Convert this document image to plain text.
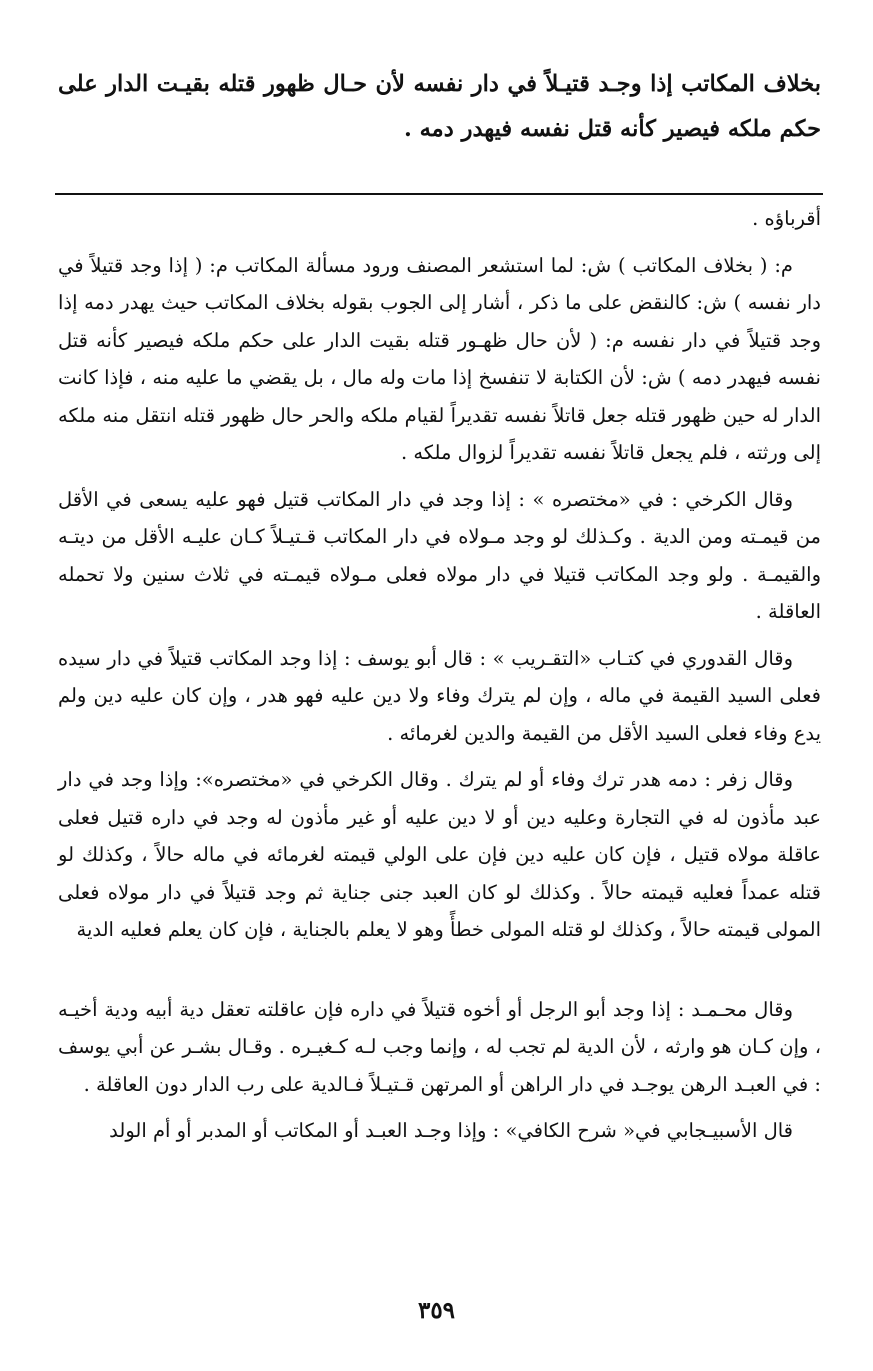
بخلاف المكاتب إذا وجـد قتيـلاً في دار نفسه لأن حـال ظهور قتله بقيـت الدار على حكم ملكه فيصير كأنه قتل نفسه فيهدر دمه .

أقرباؤه .

م: ( بخلاف المكاتب ) ش: لما استشعر المصنف ورود مسألة المكاتب م: ( إذا وجد قتيلاً في دار نفسه ) ش: كالنقض على ما ذكر ، أشار إلى الجوب بقوله بخلاف المكاتب حيث يهدر دمه إذا وجد قتيلاً في دار نفسه م: ( لأن حال ظهـور قتله بقيت الدار على حكم ملكه فيصير كأنه قتل نفسه فيهدر دمه ) ش: لأن الكتابة لا تنفسخ إذا مات وله مال ، بل يقضي ما عليه منه ، فإذا كانت الدار له حين ظهور قتله جعل قاتلاً نفسه تقديراً لقيام ملكه والحر حال ظهور قتله انتقل منه ملكه إلى ورثته ، فلم يجعل قاتلاً نفسه تقديراً لزوال ملكه .

وقال الكرخي : في «مختصره » : إذا وجد في دار المكاتب قتيل فهو عليه يسعى في الأقل من قيمـته ومن الدية . وكـذلك لو وجد مـولاه في دار المكاتب قـتيـلاً كـان عليـه الأقل من ديتـه والقيمـة . ولو وجد المكاتب قتيلا في دار مولاه فعلى مـولاه قيمـته في ثلاث سنين ولا تحمله العاقلة .

وقال القدوري في كتـاب «التقـريب » : قال أبو يوسف : إذا وجد المكاتب قتيلاً في دار سيده فعلى السيد القيمة في ماله ، وإن لم يترك وفاء ولا دين عليه فهو هدر ، وإن كان عليه دين ولم يدع وفاء فعلى السيد الأقل من القيمة والدين لغرمائه .

وقال زفر : دمه هدر ترك وفاء أو لم يترك . وقال الكرخي في «مختصره»: وإذا وجد في دار عبد مأذون له في التجارة وعليه دين أو لا دين عليه أو غير مأذون له وجد في داره قتيل فعلى عاقلة مولاه قتيل ، فإن كان عليه دين فإن على الولي قيمته لغرمائه في ماله حالاً ، وكذلك لو قتله عمداً فعليه قيمته حالاً . وكذلك لو كان العبد جنى جناية ثم وجد قتيلاً في دار مولاه فعلى المولى قيمته حالاً ، وكذلك لو قتله المولى خطأً وهو لا يعلم بالجناية ، فإن كان يعلم فعليه الدية

وقال محـمـد : إذا وجد أبو الرجل أو أخوه قتيلاً في داره فإن عاقلته تعقل دية أبيه ودية أخيـه ، وإن كـان هو وارثه ، لأن الدية لم تجب له ، وإنما وجب لـه كـغيـره . وقـال بشـر عن أبي يوسف : في العبـد الرهن يوجـد في دار الراهن أو المرتهن قـتيـلاً فـالدية على رب الدار دون العاقلة .

قال الأسبيـجابي في« شرح الكافي» : وإذا وجـد العبـد أو المكاتب أو المدبر أو أم الولد

٣٥٩
